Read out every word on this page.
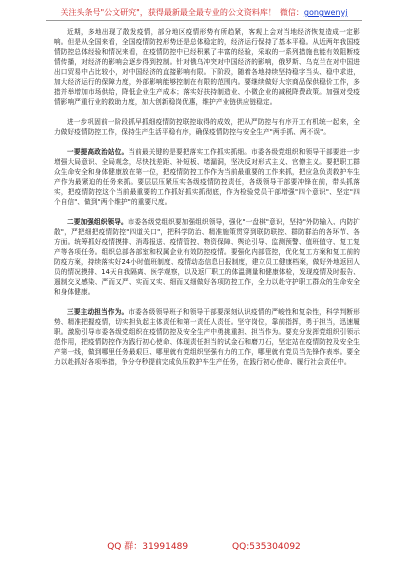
关注头条号"公文研究"，获得最新最全最专业的公文资料库！ 微信：gongwenyj

近期，多地出现了散发疫情，部分地区疫情形势有所趋紧，客观上会对当地经济恢复造成一定影响。但是从全国来看，全国疫情防控形势还是总体稳定的，经济运行保持了基本平稳。从近两年我国疫情防控总体经验和情况来看，在疫情防控中已经积累了丰富的经验，采取的一系列措施也能有效阻断疫情传播，对经济的影响会逐步得到控制。针对俄乌冲突对中国经济的影响，俄罗斯、乌克兰在对中国进出口贸易中占比较小，对中国经济的直接影响有限。下阶段，随着各地持续坚持稳字当头、稳中求进，加大经济运行的保障力度，外部影响能够控制在有限的范围内。要继续做好大宗商品保供稳价工作，多措并举增加市场供给，降低企业生产成本；落实好扶持制造业、小微企业的减税降费政策。加强对受疫情影响严重行业的救助力度，加大创新稳岗优惠，维护产业链供应链稳定。

进一步巩固前一阶段抓早抓细疫情防控联控取得的成效，把从严防控与有序开工有机统一起来，全力做好疫情防控工作，保持生产生活平稳有序，确保疫情防控与安全生产"两手抓、两不误"。

一要提高政治站位。当前最关键的是要把落实工作抓实抓细。市委各级党组织和领导干部要进一步增强大局意识、全局观念，尽快找差距、补短板、堵漏洞，坚决反对形式主义、官僚主义。要把职工群众生命安全和身体健康放在第一位，把疫情防控工作作为当前最重要的工作来抓，把应急负责救护车生产作为最紧迫的任务来抓。要层层压紧压实各级疫情防控责任，各级领导干部要冲锋在前，带头抓落实，把疫情防控这个当前最重要的工作抓好抓实抓彻底，作为检验党员干部增强"四个意识"、坚定"四个自信"、做到"两个维护"的重要尺度。

二要加强组织领导。市委各级党组织要加强组织领导，强化"一盘棋"意识，坚持"外防输入、内防扩散"，严把细把疫情防控"四道关口"，把科学防治、精准施策贯穿到联防联控、群防群治的各环节、各方面。统筹抓好疫情摸排、消毒报送、疫情管控、物资保障、舆论引导、监测预警、值班值守、复工复产等各项任务。组织总部各部室和权属企业有效防控疫情。要强化内部管控，优化复工方案和复工前的防疫方案，持续落实好24小时值班制度、疫情动态信息日报制度，建立员工健康档案，做好外地返回人员的情况摸排、14天自我隔离、医学观察，以及返厂职工的体温测量和健康体检，发现疫情及时报告、遏制交叉感染、严而又严、实而又实、细而又细做好各项防控工作，全力以赴守护职工群众的生命安全和身体健康。

三要主动担当作为。市委各级领导班子和领导干部要深刻认识疫情的严峻性和复杂性，科学判断形势、精准把握疫情，切实担负起主体责任和第一责任人责任。坚守岗位，靠前指挥，勇于担当，迅速履职。激励引导市委各级党组织在疫情防控及安全生产中勇挑重担、担当作为。要充分发挥党组织引领示范作用，把疫情防控作为践行初心使命、体现责任担当的试金石和磨刀石，坚定站在疫情防控及安全生产第一线，做到哪里任务最艰巨、哪里就有党组织坚强有力的工作，哪里就有党员当先锋作表率。要全力以赴抓好各项举措，争分夺秒提前完成负压救护车生产任务，在践行初心使命、履行社会责任中。

QQ 群：31991489	QQ:535304092
